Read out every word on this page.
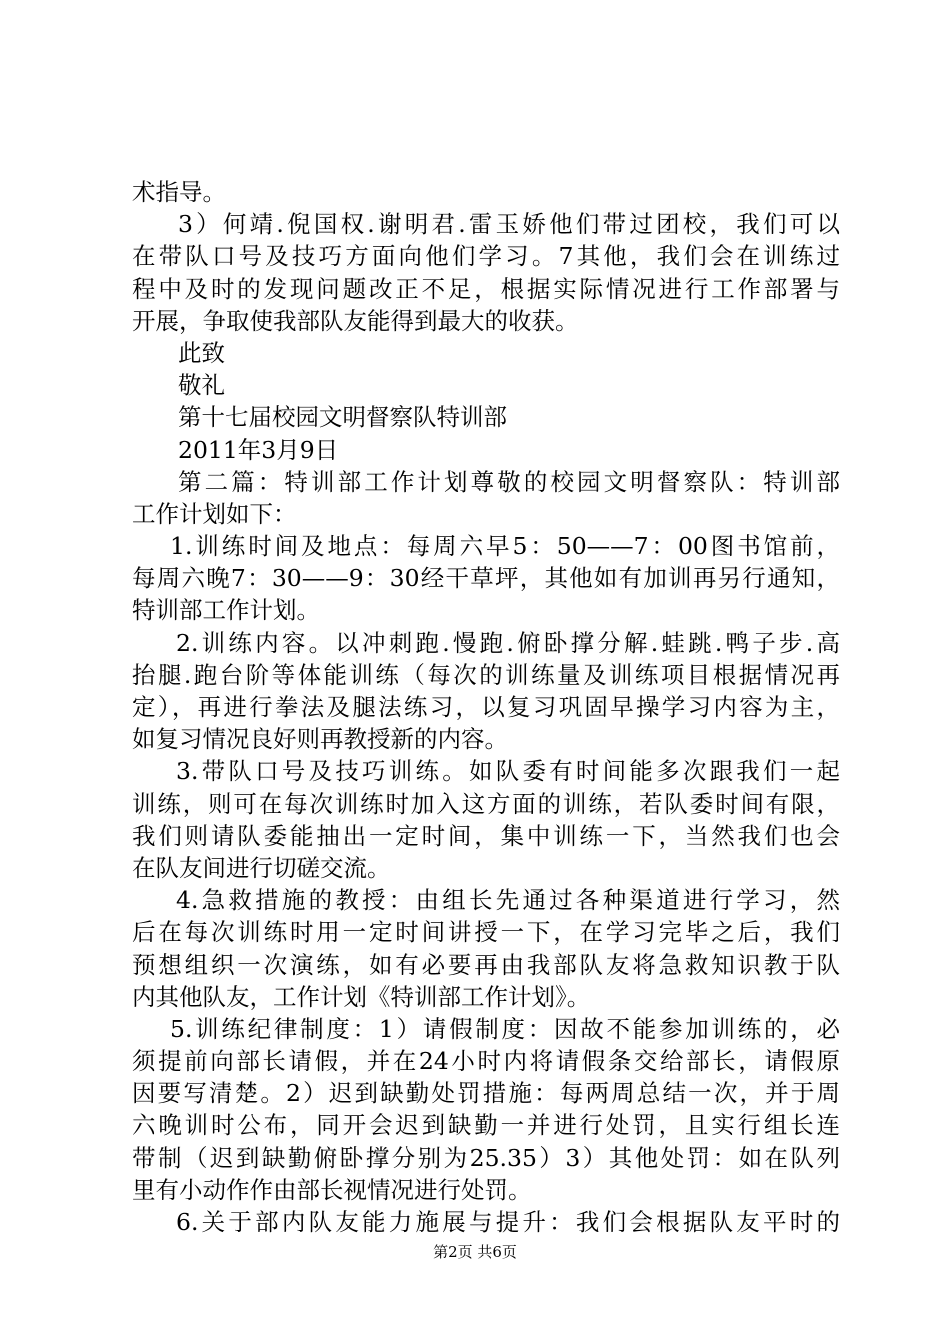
术指导。
3）何靖.倪国权.谢明君.雷玉娇他们带过团校，我们可以
在带队口号及技巧方面向他们学习。7其他，我们会在训练过
程中及时的发现问题改正不足，根据实际情况进行工作部署与
开展，争取使我部队友能得到最大的收获。
此致
敬礼
第十七届校园文明督察队特训部
2011年3月9日
第二篇：特训部工作计划尊敬的校园文明督察队：特训部
工作计划如下：
1.训练时间及地点：每周六早5：50——7：00图书馆前，
每周六晚7：30——9：30经干草坪，其他如有加训再另行通知，
特训部工作计划。
2.训练内容。以冲刺跑.慢跑.俯卧撑分解.蛙跳.鸭子步.高
抬腿.跑台阶等体能训练（每次的训练量及训练项目根据情况再
定），再进行拳法及腿法练习，以复习巩固早操学习内容为主，
如复习情况良好则再教授新的内容。
3.带队口号及技巧训练。如队委有时间能多次跟我们一起
训练，则可在每次训练时加入这方面的训练，若队委时间有限，
我们则请队委能抽出一定时间，集中训练一下，当然我们也会
在队友间进行切磋交流。
4.急救措施的教授：由组长先通过各种渠道进行学习，然
后在每次训练时用一定时间讲授一下，在学习完毕之后，我们
预想组织一次演练，如有必要再由我部队友将急救知识教于队
内其他队友，工作计划《特训部工作计划》。
5.训练纪律制度：1）请假制度：因故不能参加训练的，必
须提前向部长请假，并在24小时内将请假条交给部长，请假原
因要写清楚。2）迟到缺勤处罚措施：每两周总结一次，并于周
六晚训时公布，同开会迟到缺勤一并进行处罚，且实行组长连
带制（迟到缺勤俯卧撑分别为25.35）3）其他处罚：如在队列
里有小动作作由部长视情况进行处罚。
6.关于部内队友能力施展与提升：我们会根据队友平时的
第2页 共6页
